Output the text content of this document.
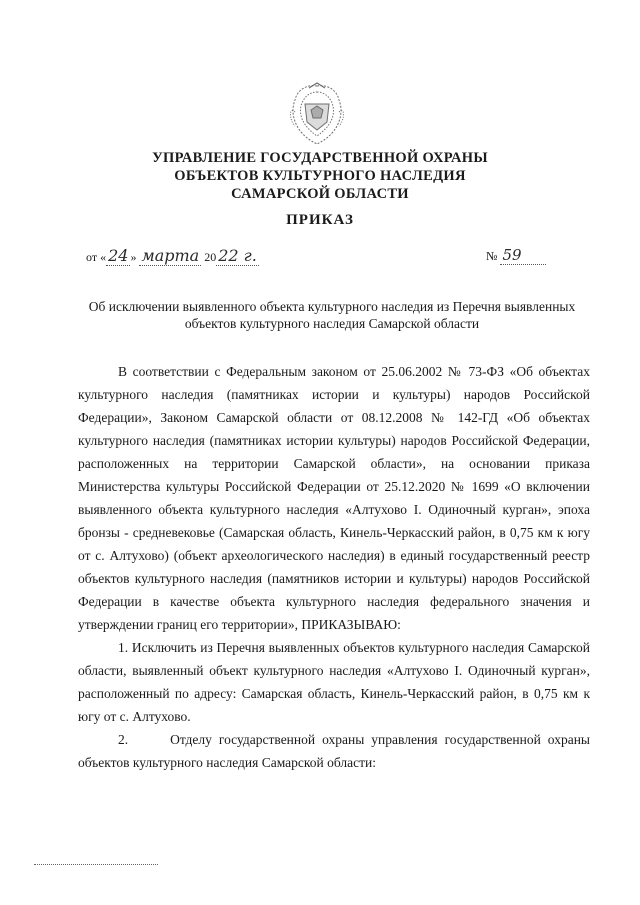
УПРАВЛЕНИЕ ГОСУДАРСТВЕННОЙ ОХРАНЫ
ОБЪЕКТОВ КУЛЬТУРНОГО НАСЛЕДИЯ
САМАРСКОЙ ОБЛАСТИ
ПРИКАЗ
от « 24 » марта 20 22 г.	№ 59
Об исключении выявленного объекта культурного наследия из Перечня выявленных
объектов культурного наследия Самарской области

В соответствии с Федеральным законом от 25.06.2002 № 73-ФЗ «Об объектах культурного наследия (памятниках истории и культуры) народов Российской Федерации», Законом Самарской области от 08.12.2008 № 142-ГД «Об объектах культурного наследия (памятниках истории культуры) народов Российской Федерации, расположенных на территории Самарской области», на основании приказа Министерства культуры Российской Федерации от 25.12.2020 № 1699 «О включении выявленного объекта культурного наследия «Алтухово I. Одиночный курган», эпоха бронзы - средневековье (Самарская область, Кинель-Черкасский район, в 0,75 км к югу от с. Алтухово) (объект археологического наследия) в единый государственный реестр объектов культурного наследия (памятников истории и культуры) народов Российской Федерации в качестве объекта культурного наследия федерального значения и утверждении границ его территории», ПРИКАЗЫВАЮ:

1. Исключить из Перечня выявленных объектов культурного наследия Самарской области, выявленный объект культурного наследия «Алтухово I. Одиночный курган», расположенный по адресу: Самарская область, Кинель-Черкасский район, в 0,75 км к югу от с. Алтухово.

2.      Отделу государственной охраны управления государственной охраны объектов культурного наследия Самарской области:
